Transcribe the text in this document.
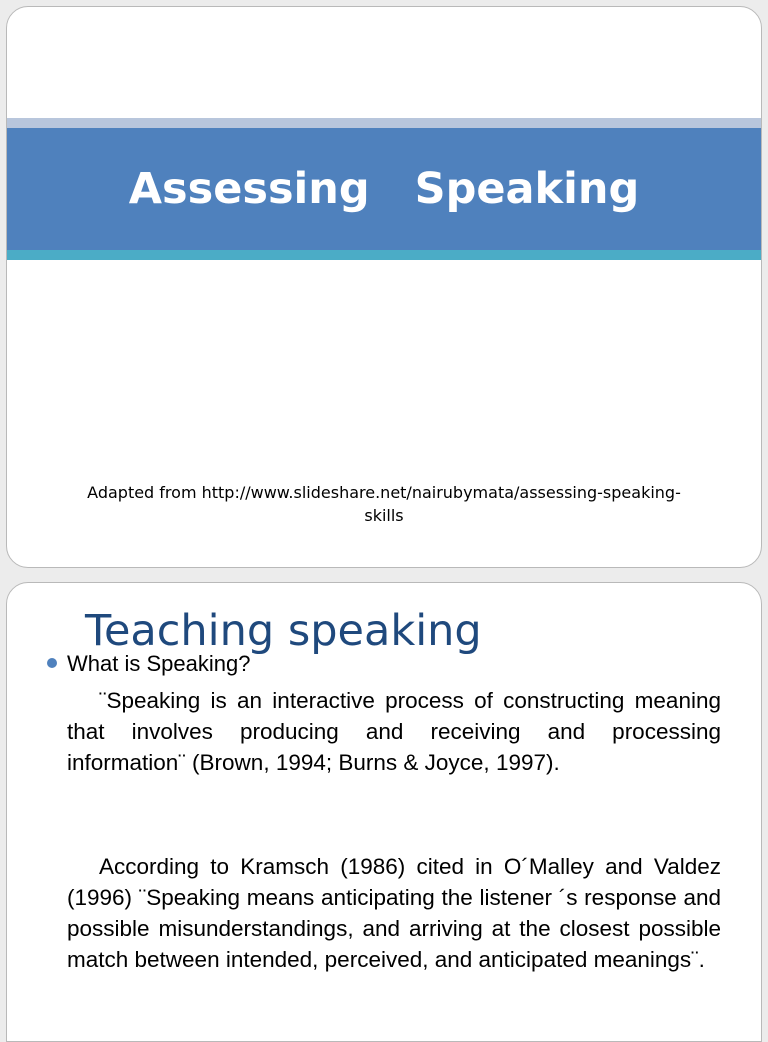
Assessing   Speaking
Adapted from http://www.slideshare.net/nairubymata/assessing-speaking-skills
Teaching speaking
What is Speaking?
¨Speaking is an interactive process of constructing meaning that involves producing and receiving and processing information¨ (Brown, 1994; Burns & Joyce, 1997).
According to Kramsch (1986) cited in O´Malley and Valdez (1996) ¨Speaking means anticipating the listener ´s response and possible misunderstandings, and arriving at the closest possible match between intended, perceived, and anticipated meanings¨.
